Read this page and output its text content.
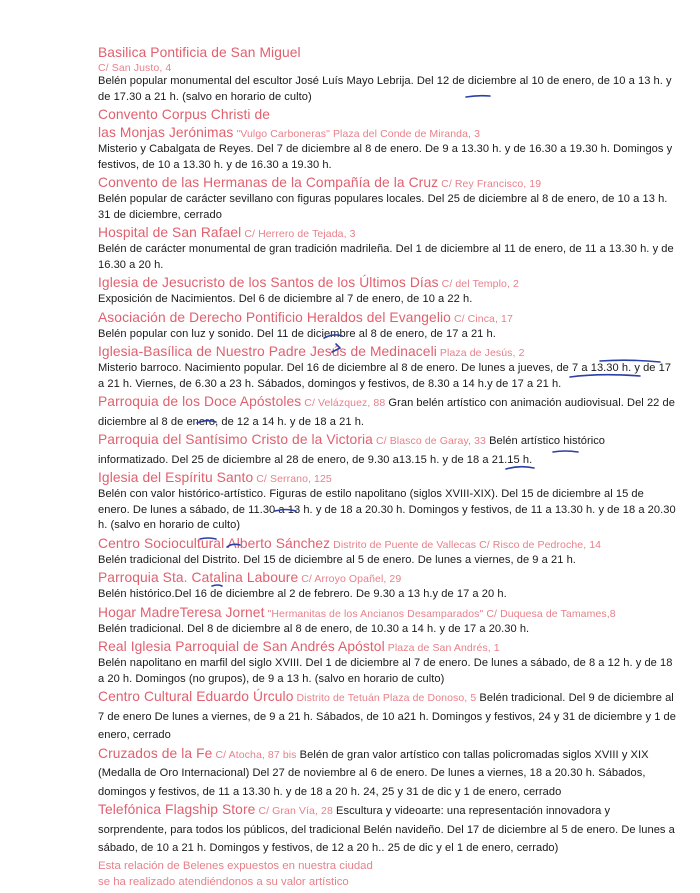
Basilica Pontificia de San Miguel
C/ San Justo, 4
Belén popular monumental del escultor José Luís Mayo Lebrija. Del 12 de diciembre al 10 de enero, de 10 a 13 h. y de 17.30 a 21 h. (salvo en horario de culto)
Convento Corpus Christi de
las Monjas Jerónimas "Vulgo Carboneras" Plaza del Conde de Miranda, 3
Misterio y Cabalgata de Reyes. Del 7 de diciembre al 8 de enero. De 9 a 13.30 h. y de 16.30 a 19.30 h. Domingos y festivos, de 10 a 13.30 h. y de 16.30 a 19.30 h.
Convento de las Hermanas de la Compañía de la Cruz C/ Rey Francisco, 19
Belén popular de carácter sevillano con figuras populares locales. Del 25 de diciembre al 8 de enero, de 10 a 13 h. 31 de diciembre, cerrado
Hospital de San Rafael C/ Herrero de Tejada, 3
Belén de carácter monumental de gran tradición madrileña. Del 1 de diciembre al 11 de enero, de 11 a 13.30 h. y de 16.30 a 20 h.
Iglesia de Jesucristo de los Santos de los Últimos Días C/ del Templo, 2
Exposición de Nacimientos. Del 6 de diciembre al 7 de enero, de 10 a 22 h.
Asociación de Derecho Pontificio Heraldos del Evangelio C/ Cinca, 17
Belén popular con luz y sonido. Del 11 de diciembre al 8 de enero, de 17 a 21 h.
Iglesia-Basílica de Nuestro Padre Jesús de Medinaceli Plaza de Jesús, 2
Misterio barroco. Nacimiento popular. Del 16 de diciembre al 8 de enero. De lunes a jueves, de 7 a 13.30 h. y de 17 a 21 h. Viernes, de 6.30 a 23 h. Sábados, domingos y festivos, de 8.30 a 14 h.y de 17 a 21 h.
Parroquia de los Doce Apóstoles C/ Velázquez, 88 Gran belén artístico con animación audiovisual. Del 22 de diciembre al 8 de enero, de 12 a 14 h. y de 18 a 21 h.
Parroquia del Santísimo Cristo de la Victoria C/ Blasco de Garay, 33 Belén artístico histórico informatizado. Del 25 de diciembre al 28 de enero, de 9.30 a13.15 h. y de 18 a 21.15 h.
Iglesia del Espíritu Santo C/ Serrano, 125
Belén con valor histórico-artístico. Figuras de estilo napolitano (siglos XVIII-XIX). Del 15 de diciembre al 15 de enero. De lunes a sábado, de 11.30 a 13 h. y de 18 a 20.30 h. Domingos y festivos, de 11 a 13.30 h. y de 18 a 20.30 h. (salvo en horario de culto)
Centro Sociocultural Alberto Sánchez Distrito de Puente de Vallecas C/ Risco de Pedroche, 14
Belén tradicional del Distrito. Del 15 de diciembre al 5 de enero. De lunes a viernes, de 9 a 21 h.
Parroquia Sta. Catalina Laboure C/ Arroyo Opañel, 29
Belén histórico.Del 16 de diciembre al 2 de febrero. De 9.30 a 13 h.y de 17 a 20 h.
Hogar MadreTeresa Jornet "Hermanitas de los Ancianos Desamparados" C/ Duquesa de Tamames,8
Belén tradicional. Del 8 de diciembre al 8 de enero, de 10.30 a 14 h. y de 17 a 20.30 h.
Real Iglesia Parroquial de San Andrés Apóstol Plaza de San Andrés, 1
Belén napolitano en marfil del siglo XVIII. Del 1 de diciembre al 7 de enero. De lunes a sábado, de 8 a 12 h. y de 18 a 20 h. Domingos (no grupos), de 9 a 13 h. (salvo en horario de culto)
Centro Cultural Eduardo Úrculo Distrito de Tetuán Plaza de Donoso, 5 Belén tradicional. Del 9 de diciembre al 7 de enero De lunes a viernes, de 9 a 21 h. Sábados, de 10 a21 h. Domingos y festivos, 24 y 31 de diciembre y 1 de enero, cerrado
Cruzados de la Fe C/ Atocha, 87 bis Belén de gran valor artístico con tallas policromadas siglos XVIII y XIX (Medalla de Oro Internacional) Del 27 de noviembre al 6 de enero. De lunes a viernes, 18 a 20.30 h. Sábados, domingos y festivos, de 11 a 13.30 h. y de 18 a 20 h. 24, 25 y 31 de dic y 1 de enero, cerrado
Telefónica Flagship Store C/ Gran Vía, 28 Escultura y videoarte: una representación innovadora y sorprendente, para todos los públicos, del tradicional Belén navideño. Del 17 de diciembre al 5 de enero. De lunes a sábado, de 10 a 21 h. Domingos y festivos, de 12 a 20 h.. 25 de dic y el 1 de enero, cerrado)
Esta relación de Belenes expuestos en nuestra ciudad
se ha realizado atendiéndonos a su valor artístico
